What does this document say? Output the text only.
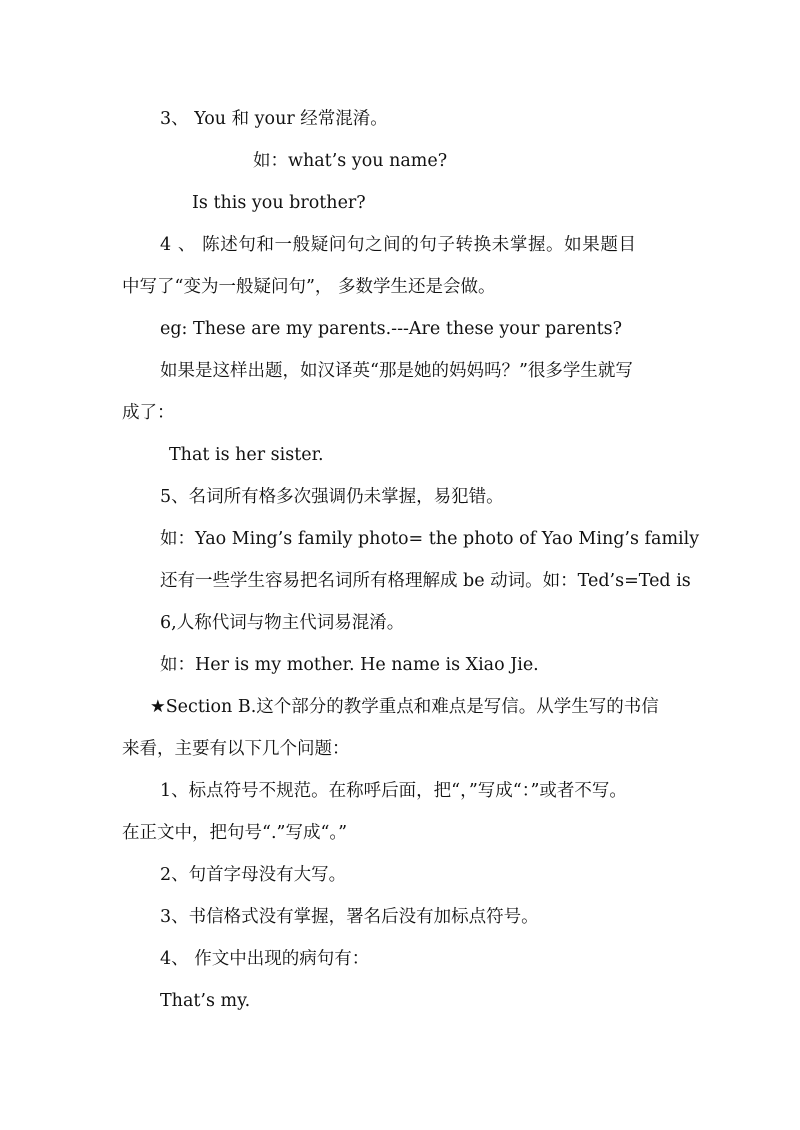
3、 You 和 your 经常混淆。
如：what’s you name?
Is this you brother?
4 、 陈述句和一般疑问句之间的句子转换未掌握。如果题目
中写了“变为一般疑问句”， 多数学生还是会做。
eg: These are my parents.---Are these your parents?
如果是这样出题，如汉译英“那是她的妈妈吗？”很多学生就写
成了：
That is her sister.
5、名词所有格多次强调仍未掌握，易犯错。
如：Yao Ming’s family photo= the photo of Yao Ming’s family
还有一些学生容易把名词所有格理解成 be 动词。如：Ted’s=Ted is
6,人称代词与物主代词易混淆。
如：Her is my mother. He name is Xiao Jie.
★Section B.这个部分的教学重点和难点是写信。从学生写的书信
来看，主要有以下几个问题：
1、标点符号不规范。在称呼后面，把“，”写成“：”或者不写。
在正文中，把句号“.”写成“。”
2、句首字母没有大写。
3、书信格式没有掌握，署名后没有加标点符号。
4、 作文中出现的病句有：
That’s my.
